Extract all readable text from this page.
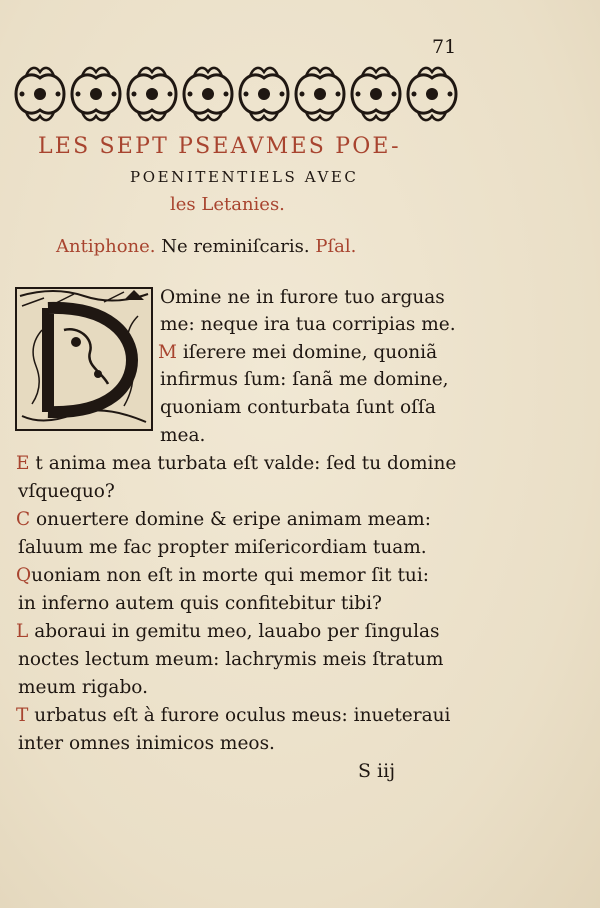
71
LES SEPT PSEAVMES POE-
POENITENTIELS AVEC
les Letanies.
Antiphone. Ne reminiſcaris. Pſal.
Omine ne in furore tuo arguas
me: neque ira tua corripias me.
M iſerere mei domine, quoniã
infirmus ſum: ſanã me domine,
quoniam conturbata ſunt oſſa
mea.
E t anima mea turbata eſt valde: ſed tu domine
vſquequo?
C onuertere domine & eripe animam meam:
ſaluum me fac propter miſericordiam tuam.
Quoniam non eſt in morte qui memor ſit tui:
in inferno autem quis confitebitur tibi?
L aboraui in gemitu meo, lauabo per ſingulas
noctes lectum meum: lachrymis meis ſtratum
meum rigabo.
T urbatus eſt à furore oculus meus: inueteraui
inter omnes inimicos meos.
S iij
